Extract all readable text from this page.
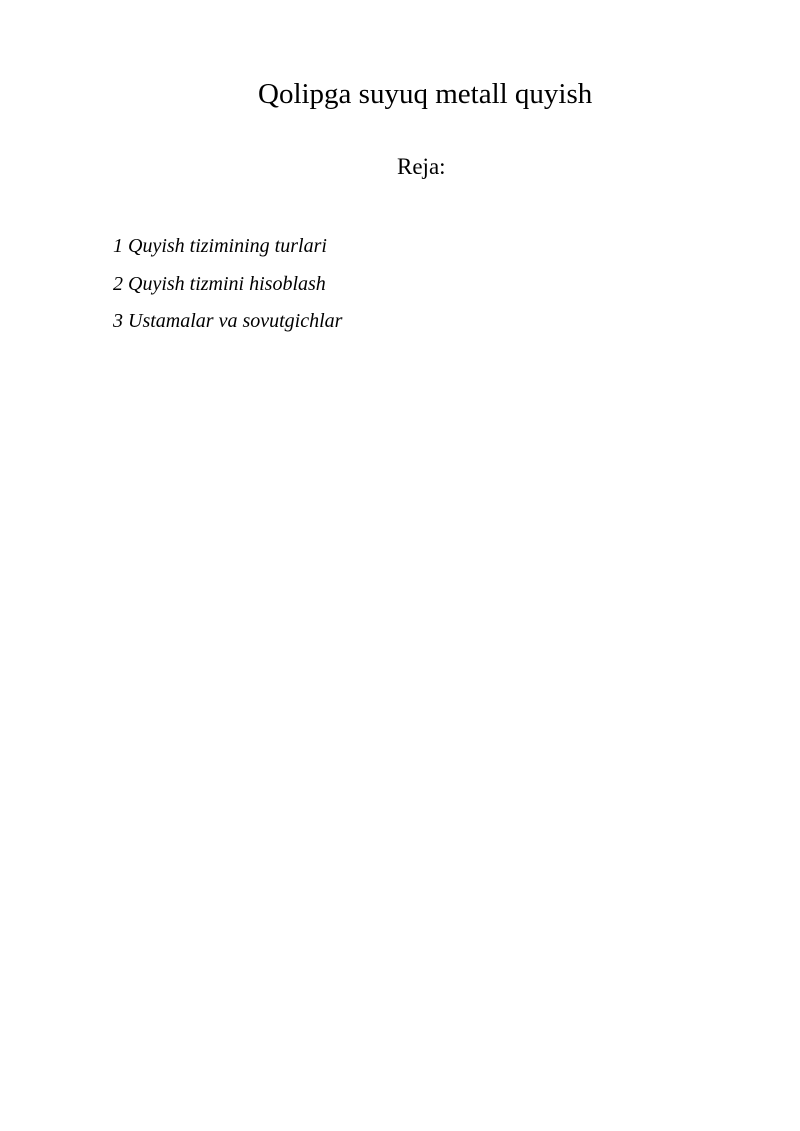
Qolipga suyuq metall quyish
Reja:
1 Quyish tizimining turlari
2 Quyish tizmini hisoblash
3 Ustamalar va sovutgichlar
